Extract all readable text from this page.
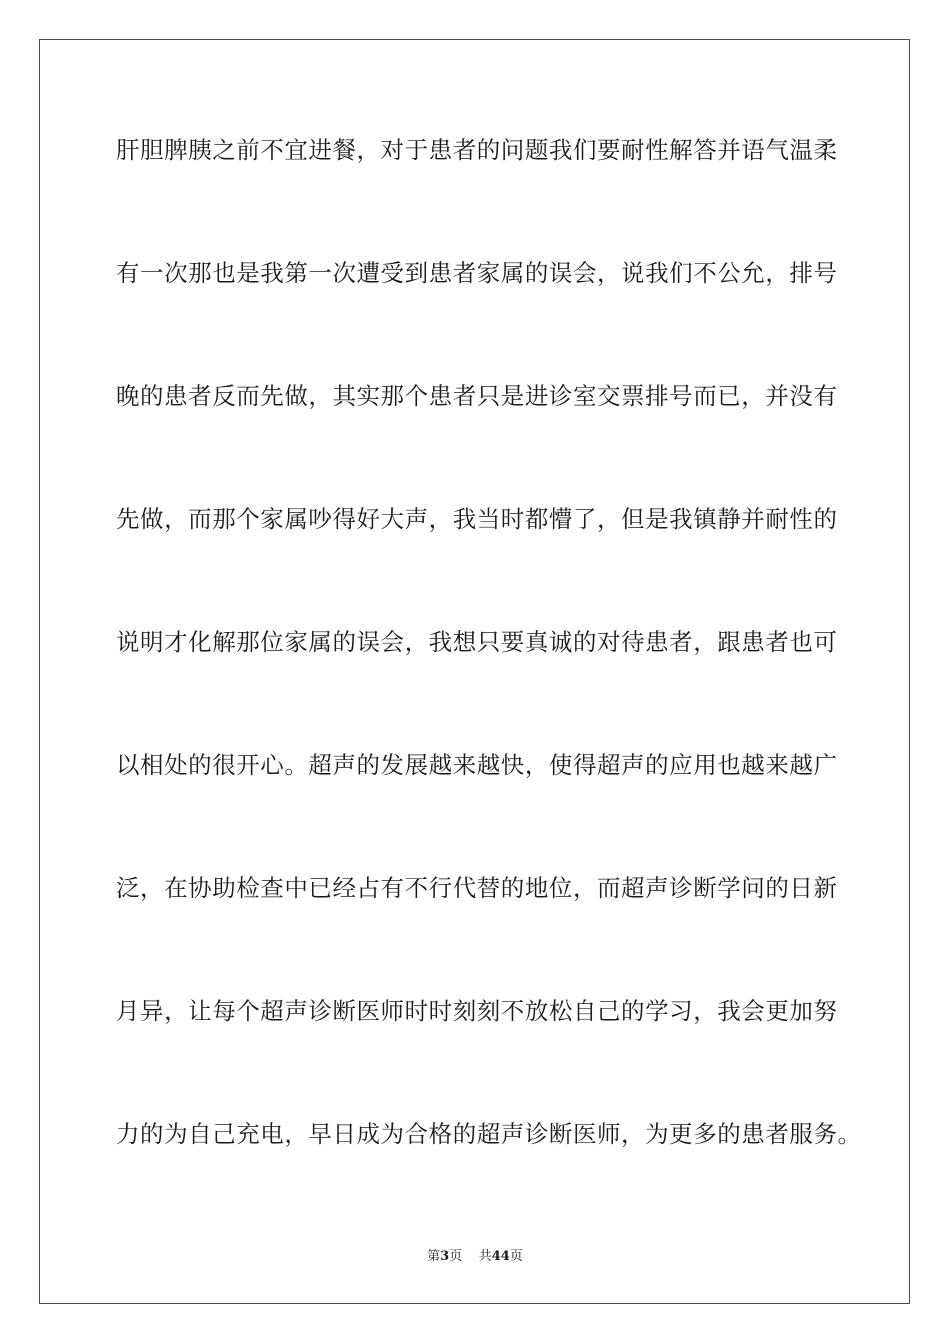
肝胆脾胰之前不宜进餐，对于患者的问题我们要耐性解答并语气温柔
有一次那也是我第一次遭受到患者家属的误会，说我们不公允，排号
晚的患者反而先做，其实那个患者只是进诊室交票排号而已，并没有
先做，而那个家属吵得好大声，我当时都懵了，但是我镇静并耐性的
说明才化解那位家属的误会，我想只要真诚的对待患者，跟患者也可
以相处的很开心。超声的发展越来越快，使得超声的应用也越来越广
泛，在协助检查中已经占有不行代替的地位，而超声诊断学问的日新
月异，让每个超声诊断医师时时刻刻不放松自己的学习，我会更加努
力的为自己充电，早日成为合格的超声诊断医师，为更多的患者服务。
第3页 共44页
